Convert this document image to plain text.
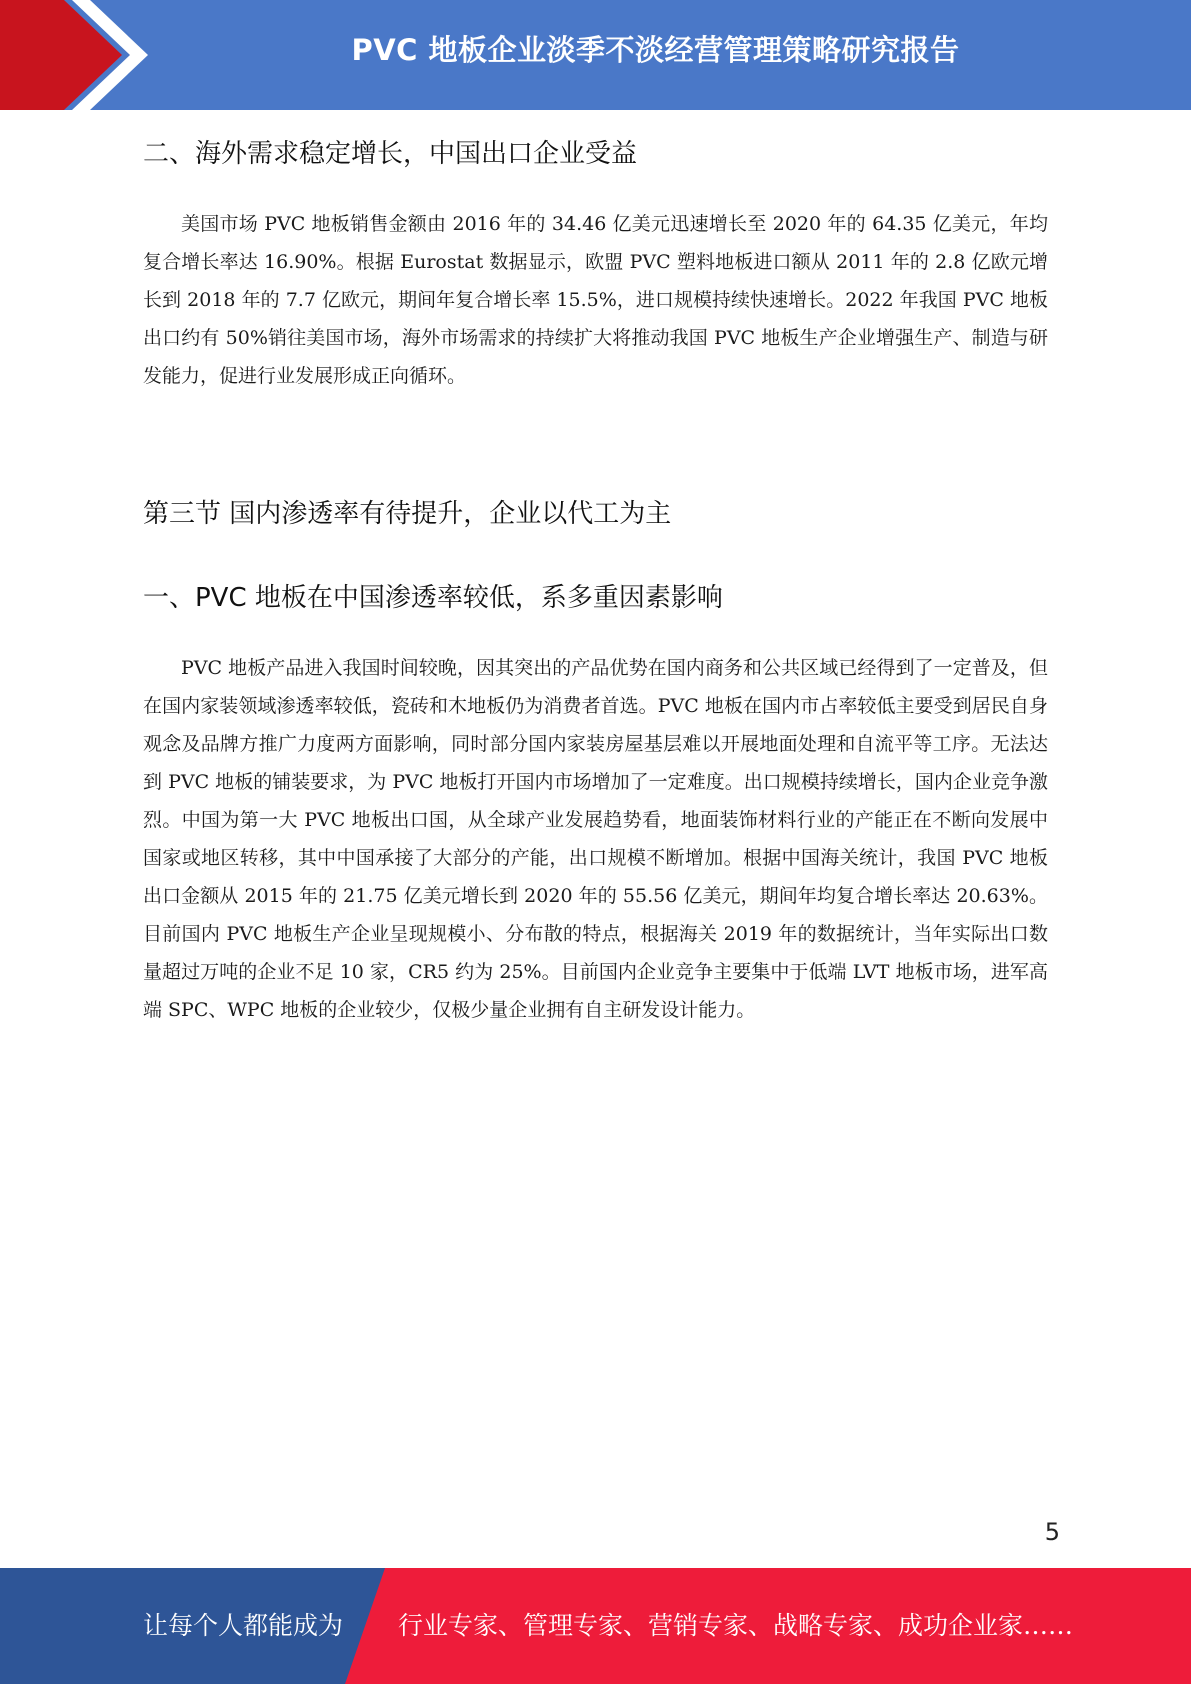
PVC 地板企业淡季不淡经营管理策略研究报告
二、海外需求稳定增长，中国出口企业受益

美国市场 PVC 地板销售金额由 2016 年的 34.46 亿美元迅速增长至 2020 年的 64.35 亿美元，年均复合增长率达 16.90%。根据 Eurostat 数据显示，欧盟 PVC 塑料地板进口额从 2011 年的 2.8 亿欧元增长到 2018 年的 7.7 亿欧元，期间年复合增长率 15.5%，进口规模持续快速增长。2022 年我国 PVC 地板出口约有 50%销往美国市场，海外市场需求的持续扩大将推动我国 PVC 地板生产企业增强生产、制造与研发能力，促进行业发展形成正向循环。

第三节 国内渗透率有待提升，企业以代工为主
一、PVC 地板在中国渗透率较低，系多重因素影响

PVC 地板产品进入我国时间较晚，因其突出的产品优势在国内商务和公共区域已经得到了一定普及，但在国内家装领域渗透率较低，瓷砖和木地板仍为消费者首选。PVC 地板在国内市占率较低主要受到居民自身观念及品牌方推广力度两方面影响，同时部分国内家装房屋基层难以开展地面处理和自流平等工序。无法达到 PVC 地板的铺装要求，为 PVC 地板打开国内市场增加了一定难度。出口规模持续增长，国内企业竞争激烈。中国为第一大 PVC 地板出口国，从全球产业发展趋势看，地面装饰材料行业的产能正在不断向发展中国家或地区转移，其中中国承接了大部分的产能，出口规模不断增加。根据中国海关统计，我国 PVC 地板出口金额从 2015 年的 21.75 亿美元增长到 2020 年的 55.56 亿美元，期间年均复合增长率达 20.63%。目前国内 PVC 地板生产企业呈现规模小、分布散的特点，根据海关 2019 年的数据统计，当年实际出口数量超过万吨的企业不足 10 家，CR5 约为 25%。目前国内企业竞争主要集中于低端 LVT 地板市场，进军高端 SPC、WPC 地板的企业较少，仅极少量企业拥有自主研发设计能力。

5
让每个人都能成为 行业专家、管理专家、营销专家、战略专家、成功企业家……
